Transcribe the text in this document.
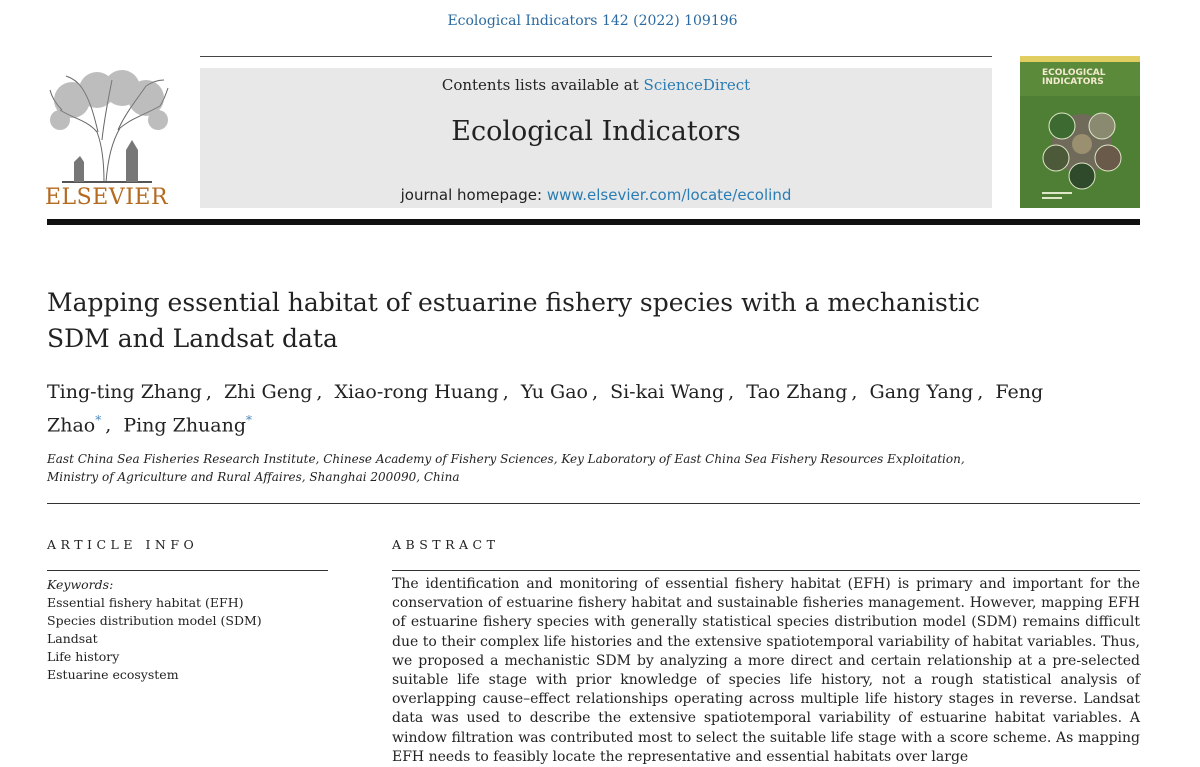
Ecological Indicators 142 (2022) 109196
ELSEVIER
Contents lists available at ScienceDirect
Ecological Indicators
journal homepage: www.elsevier.com/locate/ecolind
ECOLOGICAL
INDICATORS
Mapping essential habitat of estuarine fishery species with a mechanistic SDM and Landsat data
Ting-ting Zhang , Zhi Geng , Xiao-rong Huang , Yu Gao , Si-kai Wang , Tao Zhang , Gang Yang , Feng Zhao* , Ping Zhuang*
East China Sea Fisheries Research Institute, Chinese Academy of Fishery Sciences, Key Laboratory of East China Sea Fishery Resources Exploitation, Ministry of Agriculture and Rural Affaires, Shanghai 200090, China
ARTICLE INFO	ABSTRACT
Keywords:
Essential fishery habitat (EFH)
Species distribution model (SDM)
Landsat
Life history
Estuarine ecosystem

The identification and monitoring of essential fishery habitat (EFH) is primary and important for the conservation of estuarine fishery habitat and sustainable fisheries management. However, mapping EFH of estuarine fishery species with generally statistical species distribution model (SDM) remains difficult due to their complex life histories and the extensive spatiotemporal variability of habitat variables. Thus, we proposed a mechanistic SDM by analyzing a more direct and certain relationship at a pre-selected suitable life stage with prior knowledge of species life history, not a rough statistical analysis of overlapping cause–effect relationships operating across multiple life history stages in reverse. Landsat data was used to describe the extensive spatiotemporal variability of estuarine habitat variables. A window filtration was contributed most to select the suitable life stage with a score scheme. As mapping EFH needs to feasibly locate the representative and essential habitats over large
